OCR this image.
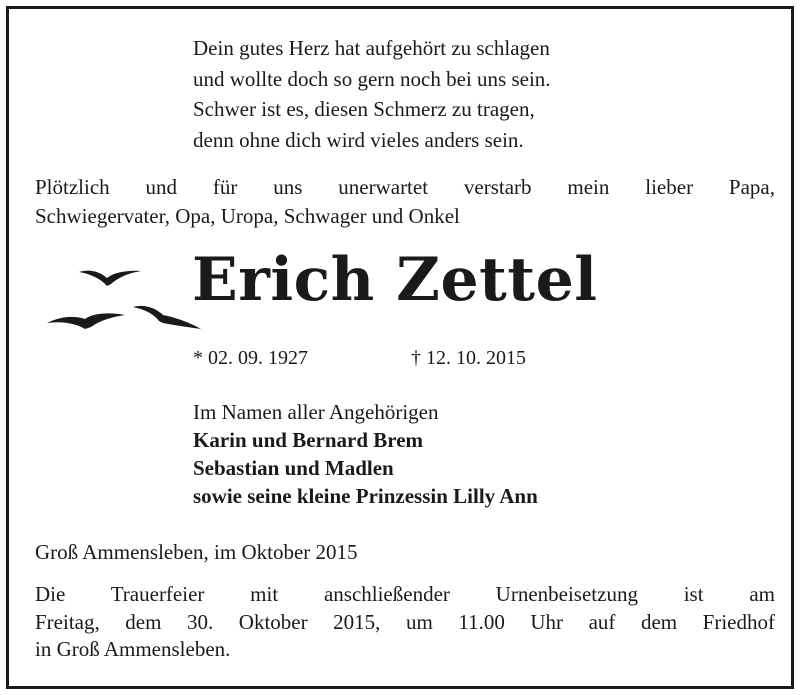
Dein gutes Herz hat aufgehört zu schlagen
und wollte doch so gern noch bei uns sein.
Schwer ist es, diesen Schmerz zu tragen,
denn ohne dich wird vieles anders sein.
Plötzlich und für uns unerwartet verstarb mein lieber Papa,
Schwiegervater, Opa, Uropa, Schwager und Onkel
Erich Zettel
* 02. 09. 1927	† 12. 10. 2015
Im Namen aller Angehörigen
Karin und Bernard Brem
Sebastian und Madlen
sowie seine kleine Prinzessin Lilly Ann
Groß Ammensleben, im Oktober 2015
Die Trauerfeier mit anschließender Urnenbeisetzung ist am
Freitag, dem 30. Oktober 2015, um 11.00 Uhr auf dem Friedhof
in Groß Ammensleben.
